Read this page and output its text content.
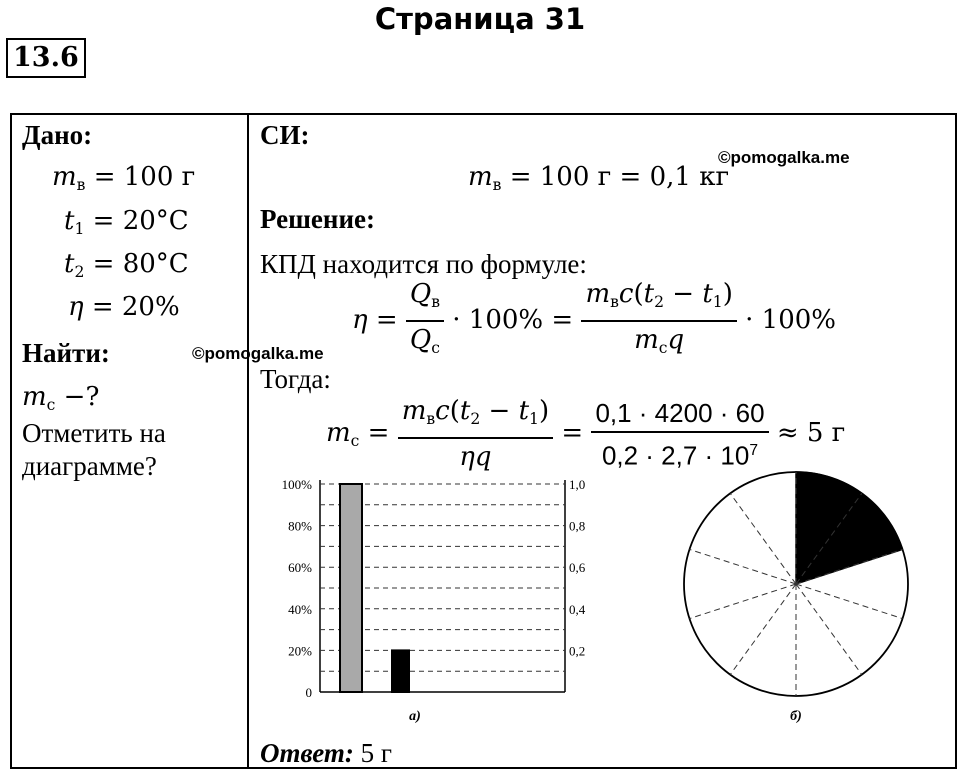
Страница 31
13.6
Дано:
$m_в = 100$ г
$t_1 = 20^\circ C$
$t_2 = 80^\circ C$
η = 20%
Найти:
$m_с$ −?
Отметить на
диаграмме?
СИ:
$m_в = 100$ г = 0,1 кг
Решение:
КПД находится по формуле:
$\eta = \frac{Q_в}{Q_с} \cdot 100\% = \frac{m_вc(t_2 - t_1)}{m_сq} \cdot 100\%$
Тогда:
$m_с = \frac{m_вc(t_2 - t_1)}{\eta q} = \frac{0,1 \cdot 4200 \cdot 60}{0,2 \cdot 2,7 \cdot 10^7} \approx 5$ г
0
20%
40%
60%
80%
100%
0,2
0,4
0,6
0,8
1,0
а)	б)
Ответ: 5 г
©pomogalka.me
©pomogalka.me
